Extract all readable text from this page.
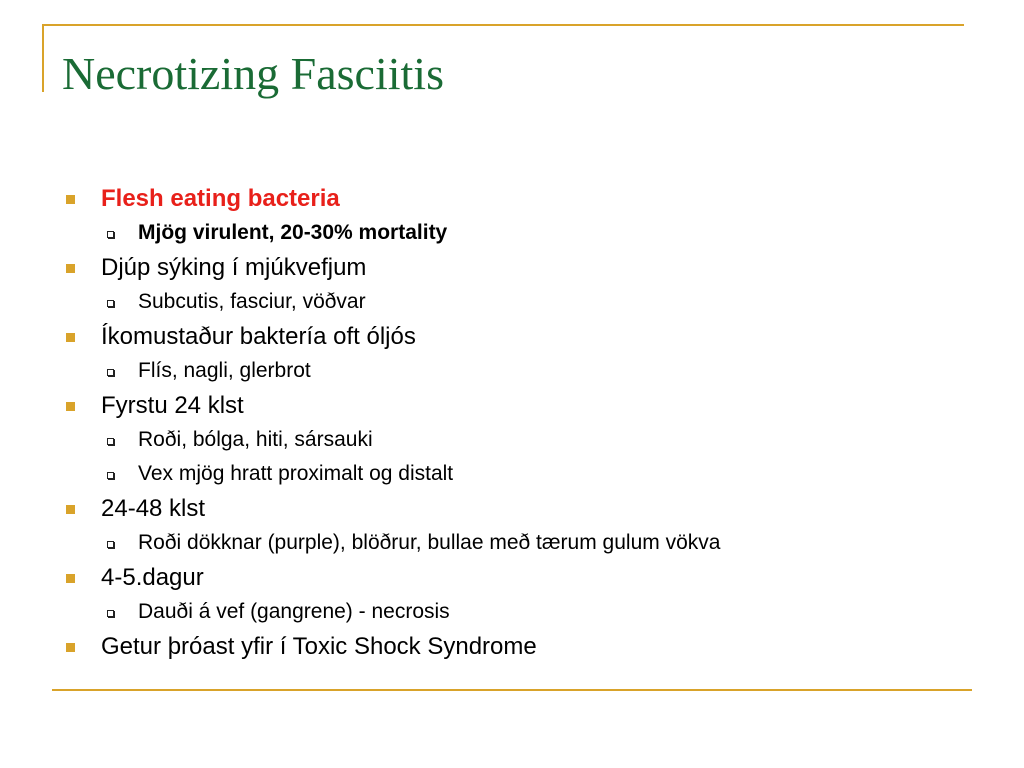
Necrotizing Fasciitis
Flesh eating bacteria
Mjög virulent, 20-30% mortality
Djúp sýking í mjúkvefjum
Subcutis, fasciur, vöðvar
Íkomustaður baktería oft óljós
Flís, nagli, glerbrot
Fyrstu 24 klst
Roði, bólga, hiti, sársauki
Vex mjög hratt proximalt og distalt
24-48 klst
Roði dökknar (purple), blöðrur, bullae með tærum gulum vökva
4-5.dagur
Dauði á vef (gangrene) - necrosis
Getur þróast yfir í Toxic Shock Syndrome
